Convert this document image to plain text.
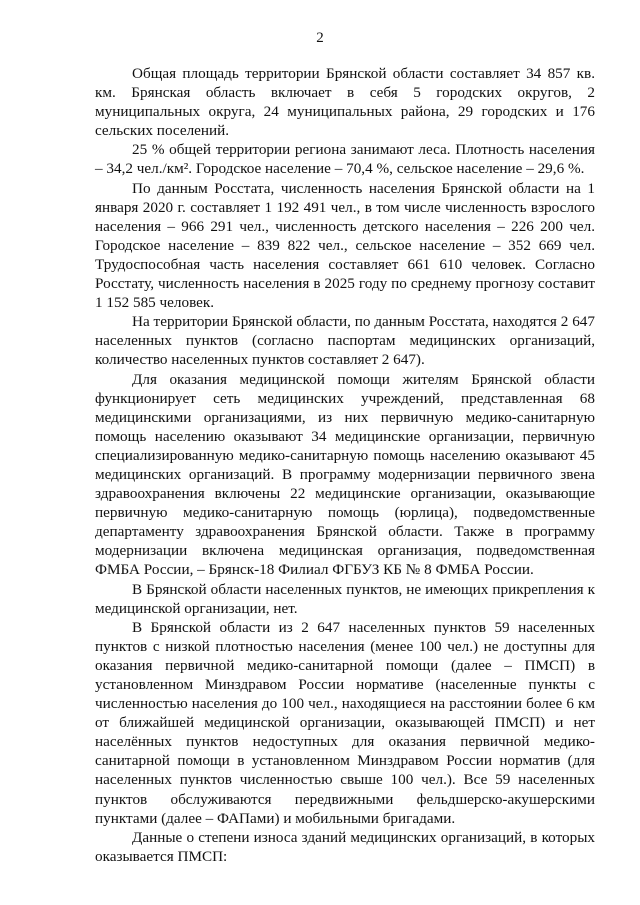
2

Общая площадь территории Брянской области составляет 34 857 кв. км. Брянская область включает в себя 5 городских округов, 2 муниципальных округа, 24 муниципальных района, 29 городских и 176 сельских поселений.

25 % общей территории региона занимают леса. Плотность населения – 34,2 чел./км². Городское население – 70,4 %, сельское население – 29,6 %.

По данным Росстата, численность населения Брянской области на 1 января 2020 г. составляет 1 192 491 чел., в том числе численность взрослого населения – 966 291 чел., численность детского населения – 226 200 чел. Городское население – 839 822 чел., сельское население – 352 669 чел. Трудоспособная часть населения составляет 661 610 человек. Согласно Росстату, численность населения в 2025 году по среднему прогнозу составит 1 152 585 человек.

На территории Брянской области, по данным Росстата, находятся 2 647 населенных пунктов (согласно паспортам медицинских организаций, количество населенных пунктов составляет 2 647).

Для оказания медицинской помощи жителям Брянской области функционирует сеть медицинских учреждений, представленная 68 медицинскими организациями, из них первичную медико-санитарную помощь населению оказывают 34 медицинские организации, первичную специализированную медико-санитарную помощь населению оказывают 45 медицинских организаций. В программу модернизации первичного звена здравоохранения включены 22 медицинские организации, оказывающие первичную медико-санитарную помощь (юрлица), подведомственные департаменту здравоохранения Брянской области. Также в программу модернизации включена медицинская организация, подведомственная ФМБА России, – Брянск-18 Филиал ФГБУЗ КБ № 8 ФМБА России.

В Брянской области населенных пунктов, не имеющих прикрепления к медицинской организации, нет.

В Брянской области из 2 647 населенных пунктов 59 населенных пунктов с низкой плотностью населения (менее 100 чел.) не доступны для оказания первичной медико-санитарной помощи (далее – ПМСП) в установленном Минздравом России нормативе (населенные пункты с численностью населения до 100 чел., находящиеся на расстоянии более 6 км от ближайшей медицинской организации, оказывающей ПМСП) и нет населённых пунктов недоступных для оказания первичной медико-санитарной помощи в установленном Минздравом России норматив (для населенных пунктов численностью свыше 100 чел.). Все 59 населенных пунктов обслуживаются передвижными фельдшерско-акушерскими пунктами (далее – ФАПами) и мобильными бригадами.

Данные о степени износа зданий медицинских организаций, в которых оказывается ПМСП:
